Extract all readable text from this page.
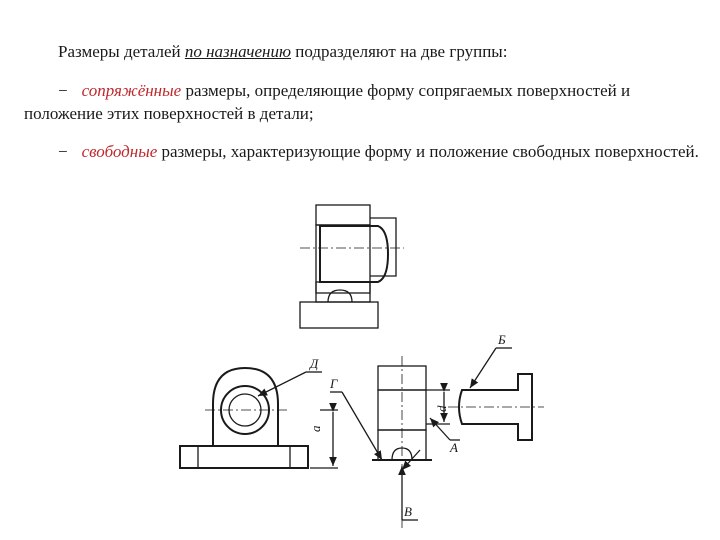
Размеры деталей по назначению подразделяют на две группы:

− сопряжённые размеры, определяющие форму сопрягаемых поверхностей и положение этих поверхностей в детали;

− свободные размеры, характеризующие форму и положение свободных поверхностей.

a
Д
Г
В
d
Б
А
